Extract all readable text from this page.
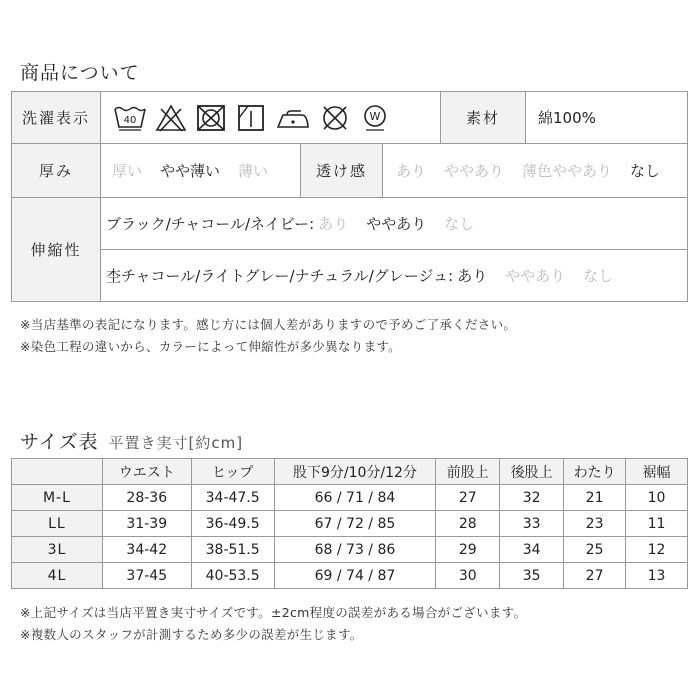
商品について
洗濯表示	40	W	素材	綿100%
厚み	厚い やや薄い 薄い	透け感	あり ややあり 薄色ややあり なし
伸縮性
ブラック/チャコール/ネイビー: あり ややあり なし
杢チャコール/ライトグレー/ナチュラル/グレージュ: あり ややあり なし
※当店基準の表記になります。感じ方には個人差がありますので予めご了承ください。
※染色工程の違いから、カラーによって伸縮性が多少異なります。
サイズ表 平置き実寸[約cm]
	ウエスト	ヒップ	股下9分/10分/12分	前股上	後股上	わたり	裾幅
M-L	28-36	34-47.5	66 / 71 / 84	27	32	21	10
LL	31-39	36-49.5	67 / 72 / 85	28	33	23	11
3L	34-42	38-51.5	68 / 73 / 86	29	34	25	12
4L	37-45	40-53.5	69 / 74 / 87	30	35	27	13
※上記サイズは当店平置き実寸サイズです。±2cm程度の誤差がある場合がございます。
※複数人のスタッフが計測するため多少の誤差が生じます。
